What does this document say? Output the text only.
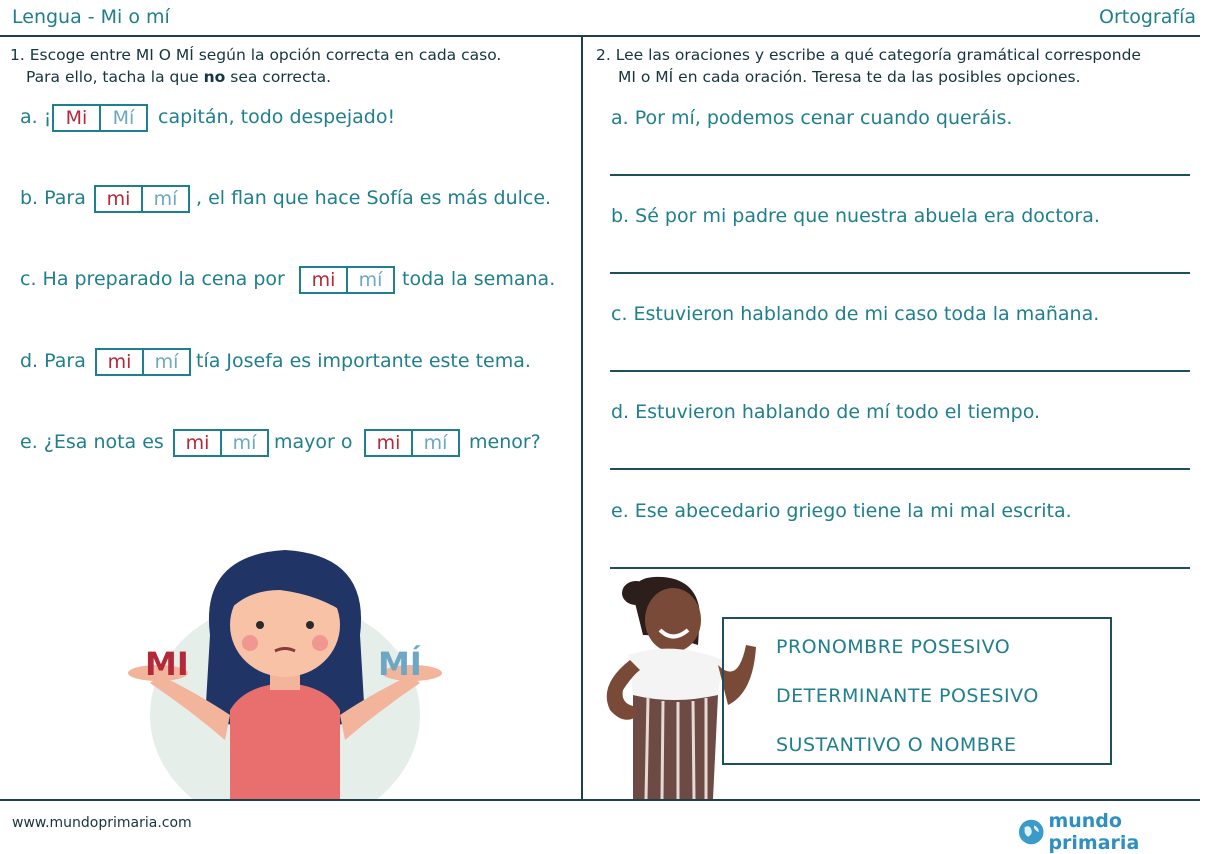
Lengua - Mi o mí	Ortografía
1. Escoge entre MI O MÍ según la opción correcta en cada caso.
Para ello, tacha la que no sea correcta.
a. ¡ Mi	Mí	capitán, todo despejado!
b. Para	mi	mí , el flan que hace Sofía es más dulce.
c. Ha preparado la cena por	mi	mí	toda la semana.
d. Para	mi	mí tía Josefa es importante este tema.
e. ¿Esa nota es	mi	mí mayor o	mi	mí	menor?
MI	MÍ
2. Lee las oraciones y escribe a qué categoría gramátical corresponde
MI o MÍ en cada oración. Teresa te da las posibles opciones.
a. Por mí, podemos cenar cuando queráis.
b. Sé por mi padre que nuestra abuela era doctora.
c. Estuvieron hablando de mi caso toda la mañana.
d. Estuvieron hablando de mí todo el tiempo.
e. Ese abecedario griego tiene la mi mal escrita.
PRONOMBRE POSESIVO
DETERMINANTE POSESIVO
SUSTANTIVO O NOMBRE
www.mundoprimaria.com	mundo primaria
